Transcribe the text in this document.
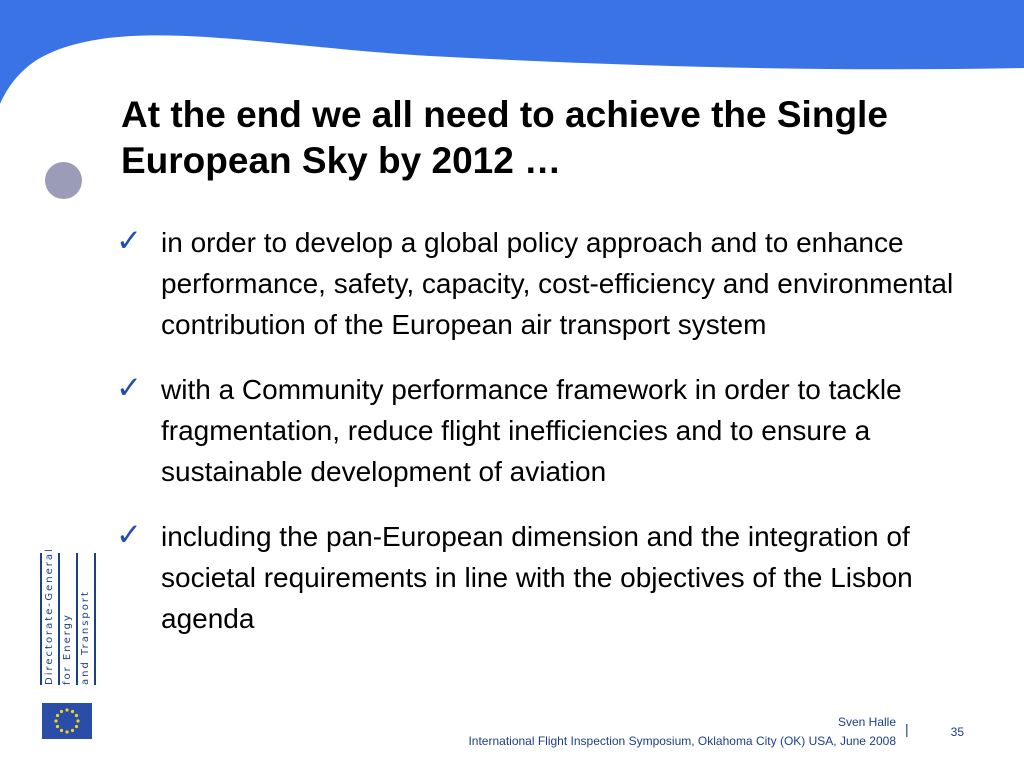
At the end we all need to achieve the Single European Sky by 2012 …
✓ in order to develop a global policy approach and to enhance performance, safety, capacity, cost-efficiency and environmental contribution of the European air transport system
✓ with a Community performance framework in order to tackle fragmentation, reduce flight inefficiencies and to ensure a sustainable development of aviation
✓ including the pan-European dimension and the integration of societal requirements in line with the objectives of the Lisbon agenda
Directorate-General for Energy and Transport
Sven Halle
International Flight Inspection Symposium, Oklahoma City (OK) USA, June 2008
|	35
